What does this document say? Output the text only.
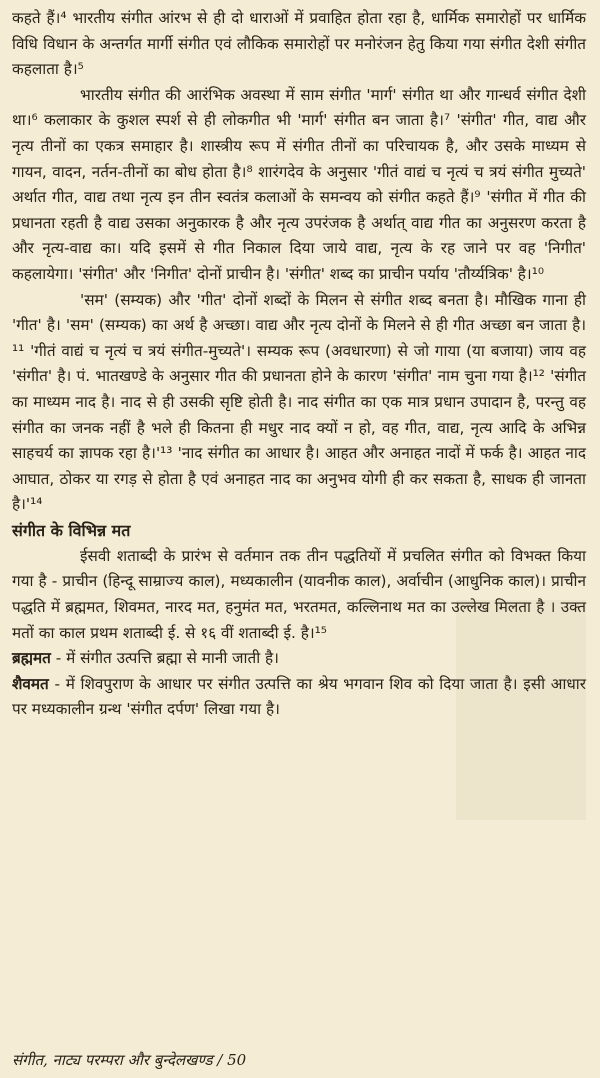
कहते हैं।⁴ भारतीय संगीत आंरभ से ही दो धाराओं में प्रवाहित होता रहा है, धार्मिक समारोहों पर धार्मिक विधि विधान के अन्तर्गत मार्गी संगीत एवं लौकिक समारोहों पर मनोरंजन हेतु किया गया संगीत देशी संगीत कहलाता है।⁵

भारतीय संगीत की आरंभिक अवस्था में साम संगीत 'मार्ग' संगीत था और गान्धर्व संगीत देशी था।⁶ कलाकार के कुशल स्पर्श से ही लोकगीत भी 'मार्ग' संगीत बन जाता है।⁷ 'संगीत' गीत, वाद्य और नृत्य तीनों का एकत्र समाहार है। शास्त्रीय रूप में संगीत तीनों का परिचायक है, और उसके माध्यम से गायन, वादन, नर्तन-तीनों का बोध होता है।⁸ शारंगदेव के अनुसार 'गीतं वाद्यं च नृत्यं च त्रयं संगीत मुच्यते' अर्थात गीत, वाद्य तथा नृत्य इन तीन स्वतंत्र कलाओं के समन्वय को संगीत कहते हैं।⁹ 'संगीत में गीत की प्रधानता रहती है वाद्य उसका अनुकारक है और नृत्य उपरंजक है अर्थात् वाद्य गीत का अनुसरण करता है और नृत्य-वाद्य का। यदि इसमें से गीत निकाल दिया जाये वाद्य, नृत्य के रह जाने पर वह 'निगीत' कहलायेगा। 'संगीत' और 'निगीत' दोनों प्राचीन है। 'संगीत' शब्द का प्राचीन पर्याय 'तौर्य्यत्रिक' है।¹⁰

'सम' (सम्यक) और 'गीत' दोनों शब्दों के मिलन से संगीत शब्द बनता है। मौखिक गाना ही 'गीत' है। 'सम' (सम्यक) का अर्थ है अच्छा। वाद्य और नृत्य दोनों के मिलने से ही गीत अच्छा बन जाता है।¹¹ 'गीतं वाद्यं च नृत्यं च त्रयं संगीत-मुच्यते'। सम्यक रूप (अवधारणा) से जो गाया (या बजाया) जाय वह 'संगीत' है। पं. भातखण्डे के अनुसार गीत की प्रधानता होने के कारण 'संगीत' नाम चुना गया है।¹² 'संगीत का माध्यम नाद है। नाद से ही उसकी सृष्टि होती है। नाद संगीत का एक मात्र प्रधान उपादान है, परन्तु वह संगीत का जनक नहीं है भले ही कितना ही मधुर नाद क्यों न हो, वह गीत, वाद्य, नृत्य आदि के अभिन्न साहचर्य का ज्ञापक रहा है।'¹³ 'नाद संगीत का आधार है। आहत और अनाहत नादों में फर्क है। आहत नाद आघात, ठोकर या रगड़ से होता है एवं अनाहत नाद का अनुभव योगी ही कर सकता है, साधक ही जानता है।'¹⁴

संगीत के विभिन्न मत

ईसवी शताब्दी के प्रारंभ से वर्तमान तक तीन पद्धतियों में प्रचलित संगीत को विभक्त किया गया है - प्राचीन (हिन्दू साम्राज्य काल), मध्यकालीन (यावनीक काल), अर्वाचीन (आधुनिक काल)। प्राचीन पद्धति में ब्रह्ममत, शिवमत, नारद मत, हनुमंत मत, भरतमत, कल्लिनाथ मत का उल्लेख मिलता है । उक्त मतों का काल प्रथम शताब्दी ई. से १६ वीं शताब्दी ई. है।¹⁵

ब्रह्ममत - में संगीत उत्पत्ति ब्रह्मा से मानी जाती है।

शैवमत - में शिवपुराण के आधार पर संगीत उत्पत्ति का श्रेय भगवान शिव को दिया जाता है। इसी आधार पर मध्यकालीन ग्रन्थ 'संगीत दर्पण' लिखा गया है।

संगीत, नाट्य परम्परा और बुन्देलखण्ड / 50
